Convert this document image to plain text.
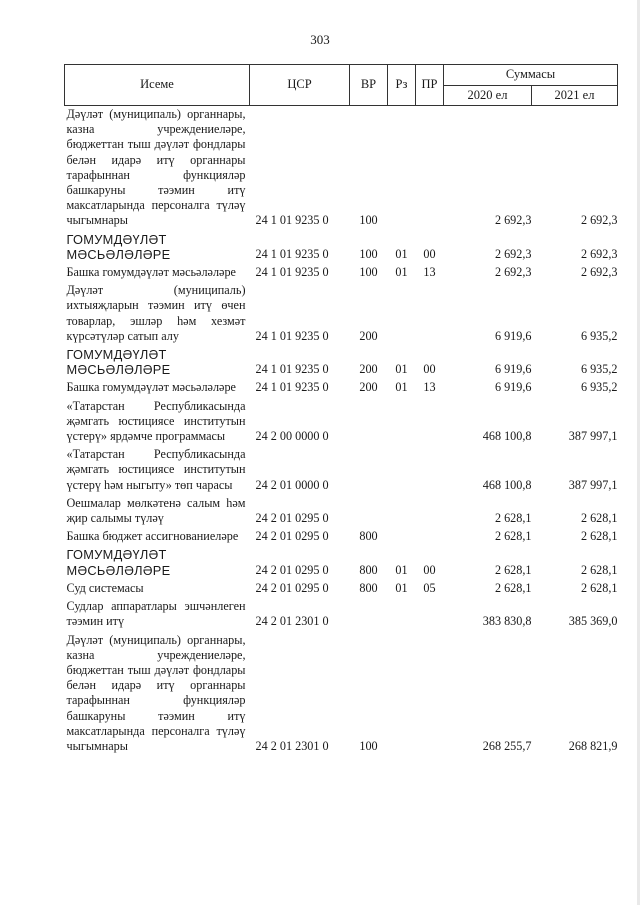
303
Исеме	ЦСР	ВР	Рз	ПР	Суммасы	
					2020 ел	2021 ел
Дәүләт (муниципаль) органнары, казна учреждениеләре, бюджеттан тыш дәүләт фондлары белән идарә итү органнары тарафыннан функцияләр башкаруны тәэмин итү максатларында персоналга түләү чыгымнары	24 1 01 9235 0	100			2 692,3	2 692,3
ГОМУМДӘҮЛӘТ МӘСЬӘЛӘЛӘРЕ	24 1 01 9235 0	100	01	00	2 692,3	2 692,3
Башка гомумдәүләт мәсьәләләре	24 1 01 9235 0	100	01	13	2 692,3	2 692,3
Дәүләт (муниципаль) ихтыяҗларын тәэмин итү өчен товарлар, эшләр һәм хезмәт күрсәтүләр сатып алу	24 1 01 9235 0	200			6 919,6	6 935,2
ГОМУМДӘҮЛӘТ МӘСЬӘЛӘЛӘРЕ	24 1 01 9235 0	200	01	00	6 919,6	6 935,2
Башка гомумдәүләт мәсьәләләре	24 1 01 9235 0	200	01	13	6 919,6	6 935,2
«Татарстан Республикасында җәмгать юстициясе институтын үстерү» ярдәмче программасы	24 2 00 0000 0				468 100,8	387 997,1
«Татарстан Республикасында җәмгать юстициясе институтын үстерү һәм ныгыту» төп чарасы	24 2 01 0000 0				468 100,8	387 997,1
Оешмалар мөлкәтенә салым һәм җир салымы түләү	24 2 01 0295 0				2 628,1	2 628,1
Башка бюджет ассигнованиеләре	24 2 01 0295 0	800			2 628,1	2 628,1
ГОМУМДӘҮЛӘТ МӘСЬӘЛӘЛӘРЕ	24 2 01 0295 0	800	01	00	2 628,1	2 628,1
Суд системасы	24 2 01 0295 0	800	01	05	2 628,1	2 628,1
Судлар аппаратлары эшчәнлеген тәэмин итү	24 2 01 2301 0				383 830,8	385 369,0
Дәүләт (муниципаль) органнары, казна учреждениеләре, бюджеттан тыш дәүләт фондлары белән идарә итү органнары тарафыннан функцияләр башкаруны тәэмин итү максатларында персоналга түләү чыгымнары	24 2 01 2301 0	100			268 255,7	268 821,9
